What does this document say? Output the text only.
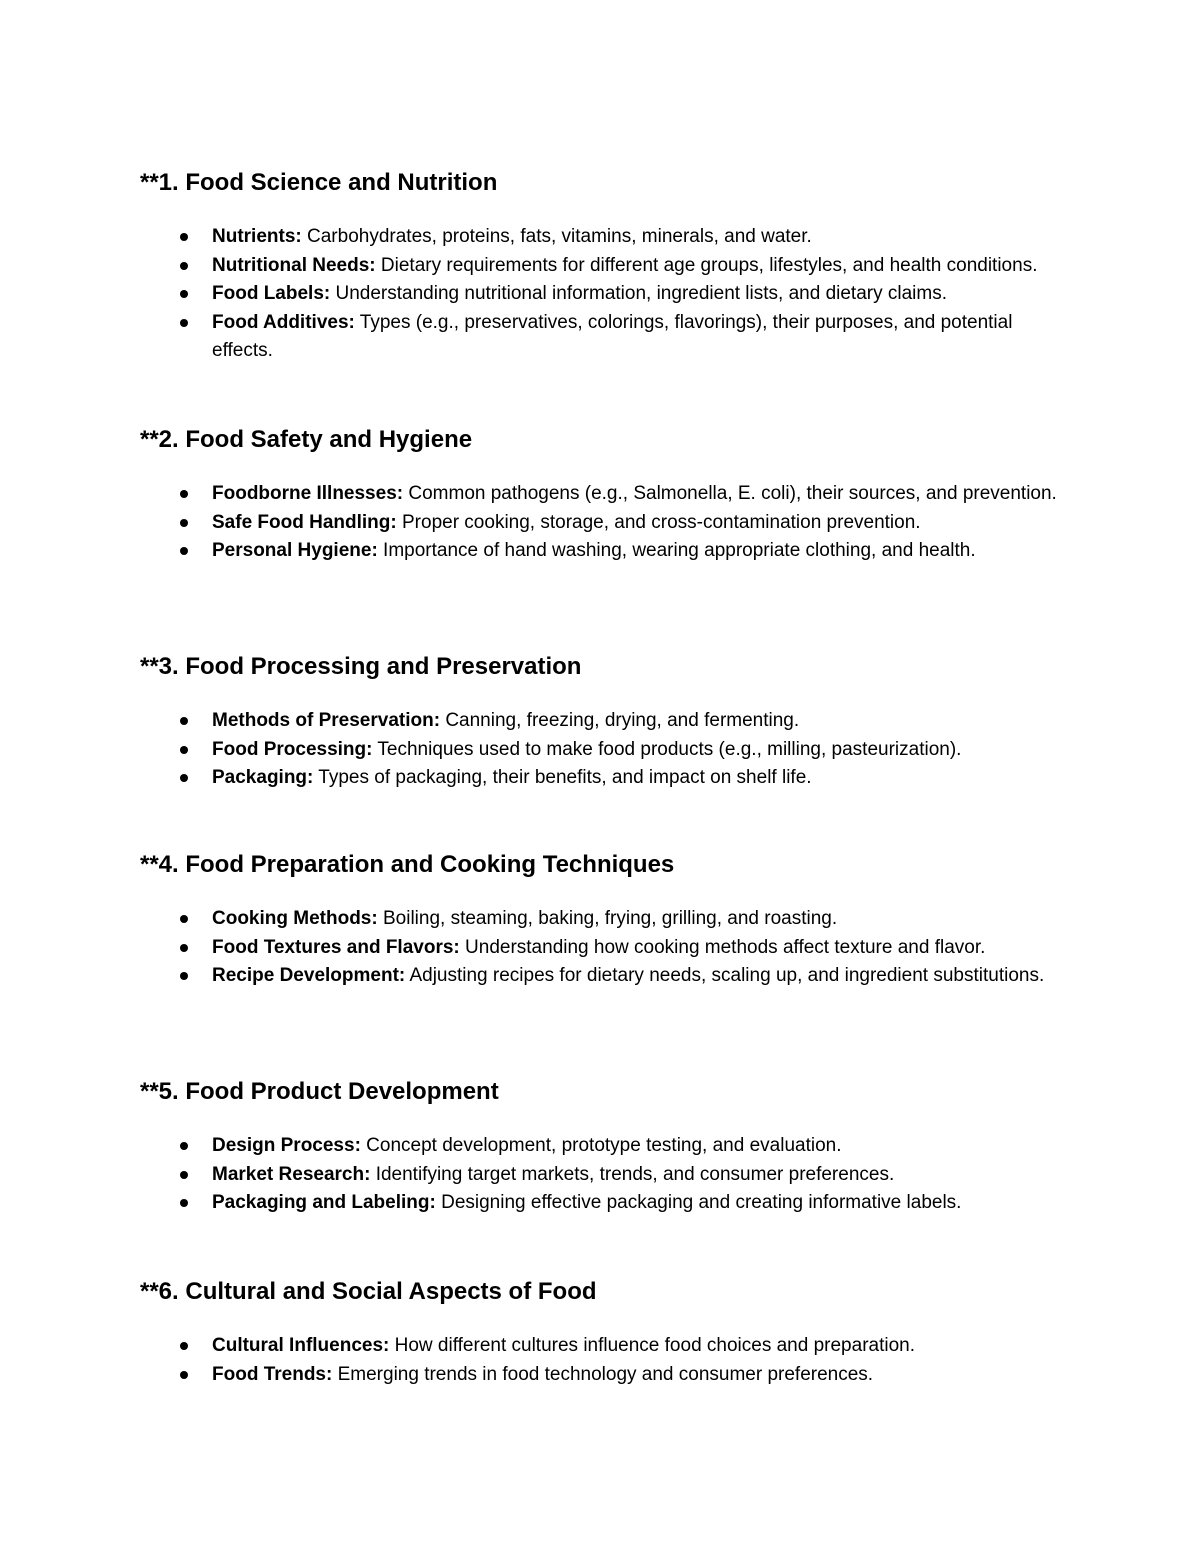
**1. Food Science and Nutrition
Nutrients: Carbohydrates, proteins, fats, vitamins, minerals, and water.
Nutritional Needs: Dietary requirements for different age groups, lifestyles, and health conditions.
Food Labels: Understanding nutritional information, ingredient lists, and dietary claims.
Food Additives: Types (e.g., preservatives, colorings, flavorings), their purposes, and potential effects.
**2. Food Safety and Hygiene
Foodborne Illnesses: Common pathogens (e.g., Salmonella, E. coli), their sources, and prevention.
Safe Food Handling: Proper cooking, storage, and cross-contamination prevention.
Personal Hygiene: Importance of hand washing, wearing appropriate clothing, and health.
**3. Food Processing and Preservation
Methods of Preservation: Canning, freezing, drying, and fermenting.
Food Processing: Techniques used to make food products (e.g., milling, pasteurization).
Packaging: Types of packaging, their benefits, and impact on shelf life.
**4. Food Preparation and Cooking Techniques
Cooking Methods: Boiling, steaming, baking, frying, grilling, and roasting.
Food Textures and Flavors: Understanding how cooking methods affect texture and flavor.
Recipe Development: Adjusting recipes for dietary needs, scaling up, and ingredient substitutions.
**5. Food Product Development
Design Process: Concept development, prototype testing, and evaluation.
Market Research: Identifying target markets, trends, and consumer preferences.
Packaging and Labeling: Designing effective packaging and creating informative labels.
**6. Cultural and Social Aspects of Food
Cultural Influences: How different cultures influence food choices and preparation.
Food Trends: Emerging trends in food technology and consumer preferences.
